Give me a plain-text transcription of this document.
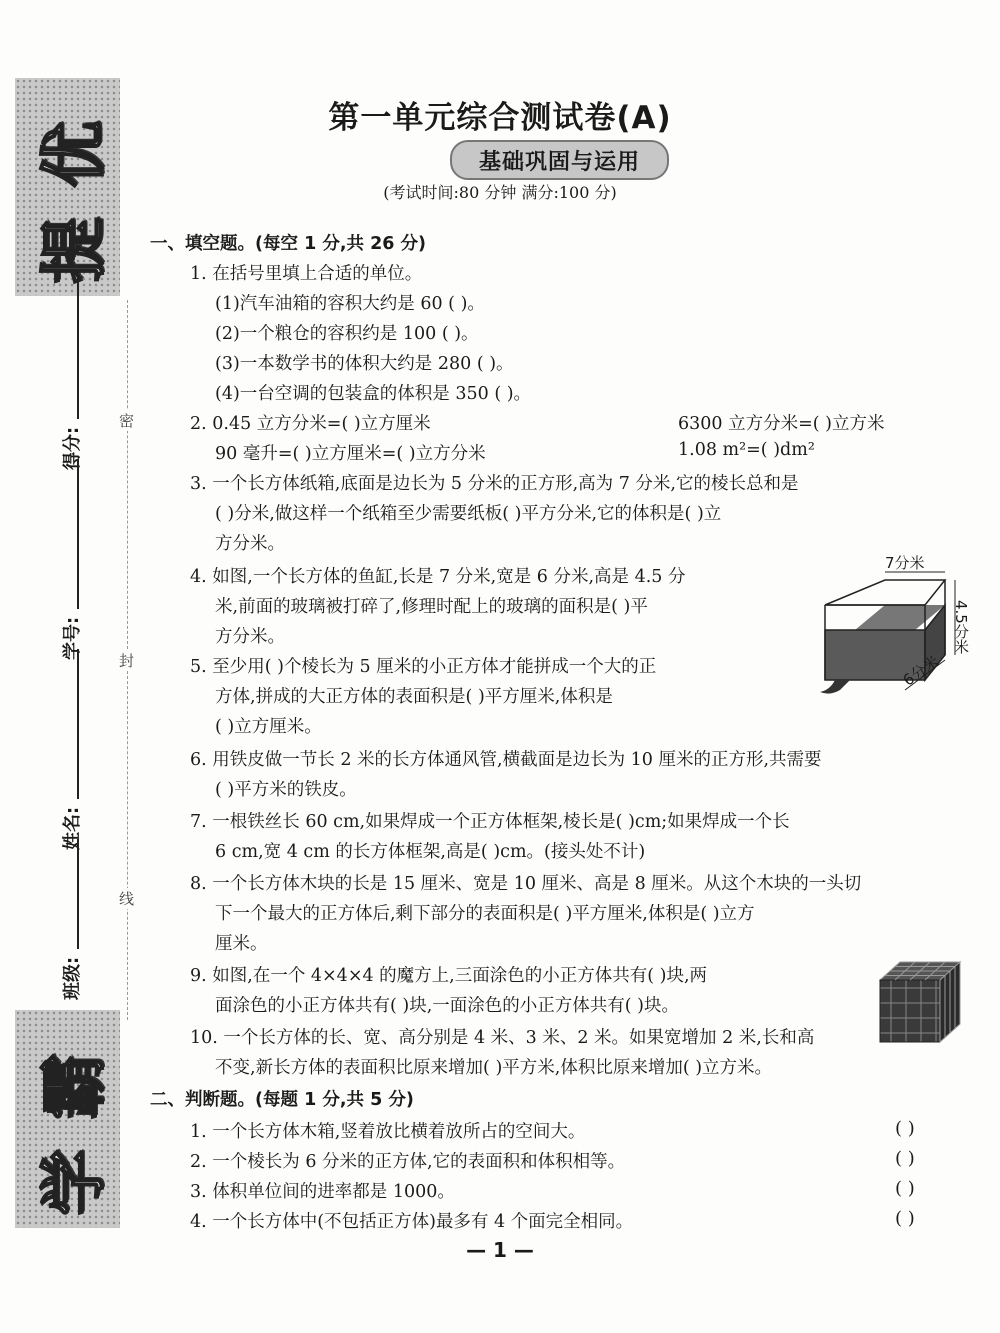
提优
学霸
得分:
学号:
姓名:
班级:
密
封
线
第一单元综合测试卷(A)
基础巩固与运用
(考试时间:80 分钟 满分:100 分)
一、填空题。(每空 1 分,共 26 分)
1. 在括号里填上合适的单位。
(1)汽车油箱的容积大约是 60 ( )。
(2)一个粮仓的容积约是 100 ( )。
(3)一本数学书的体积大约是 280 ( )。
(4)一台空调的包装盒的体积是 350 ( )。
2. 0.45 立方分米=( )立方厘米	6300 立方分米=( )立方米
90 毫升=( )立方厘米=( )立方分米	1.08 m²=( )dm²
3. 一个长方体纸箱,底面是边长为 5 分米的正方形,高为 7 分米,它的棱长总和是
( )分米,做这样一个纸箱至少需要纸板( )平方分米,它的体积是( )立
方分米。
4. 如图,一个长方体的鱼缸,长是 7 分米,宽是 6 分米,高是 4.5 分
米,前面的玻璃被打碎了,修理时配上的玻璃的面积是( )平
方分米。
5. 至少用( )个棱长为 5 厘米的小正方体才能拼成一个大的正
方体,拼成的大正方体的表面积是( )平方厘米,体积是
( )立方厘米。
6. 用铁皮做一节长 2 米的长方体通风管,横截面是边长为 10 厘米的正方形,共需要
( )平方米的铁皮。
7. 一根铁丝长 60 cm,如果焊成一个正方体框架,棱长是( )cm;如果焊成一个长
6 cm,宽 4 cm 的长方体框架,高是( )cm。(接头处不计)
8. 一个长方体木块的长是 15 厘米、宽是 10 厘米、高是 8 厘米。从这个木块的一头切
下一个最大的正方体后,剩下部分的表面积是( )平方厘米,体积是( )立方
厘米。
9. 如图,在一个 4×4×4 的魔方上,三面涂色的小正方体共有( )块,两
面涂色的小正方体共有( )块,一面涂色的小正方体共有( )块。
10. 一个长方体的长、宽、高分别是 4 米、3 米、2 米。如果宽增加 2 米,长和高
不变,新长方体的表面积比原来增加( )平方米,体积比原来增加( )立方米。
二、判断题。(每题 1 分,共 5 分)
1. 一个长方体木箱,竖着放比横着放所占的空间大。
2. 一个棱长为 6 分米的正方体,它的表面积和体积相等。
3. 体积单位间的进率都是 1000。
4. 一个长方体中(不包括正方体)最多有 4 个面完全相同。
( )
( )
( )
( )
7分米
4.5分米
6分米
— 1 —
